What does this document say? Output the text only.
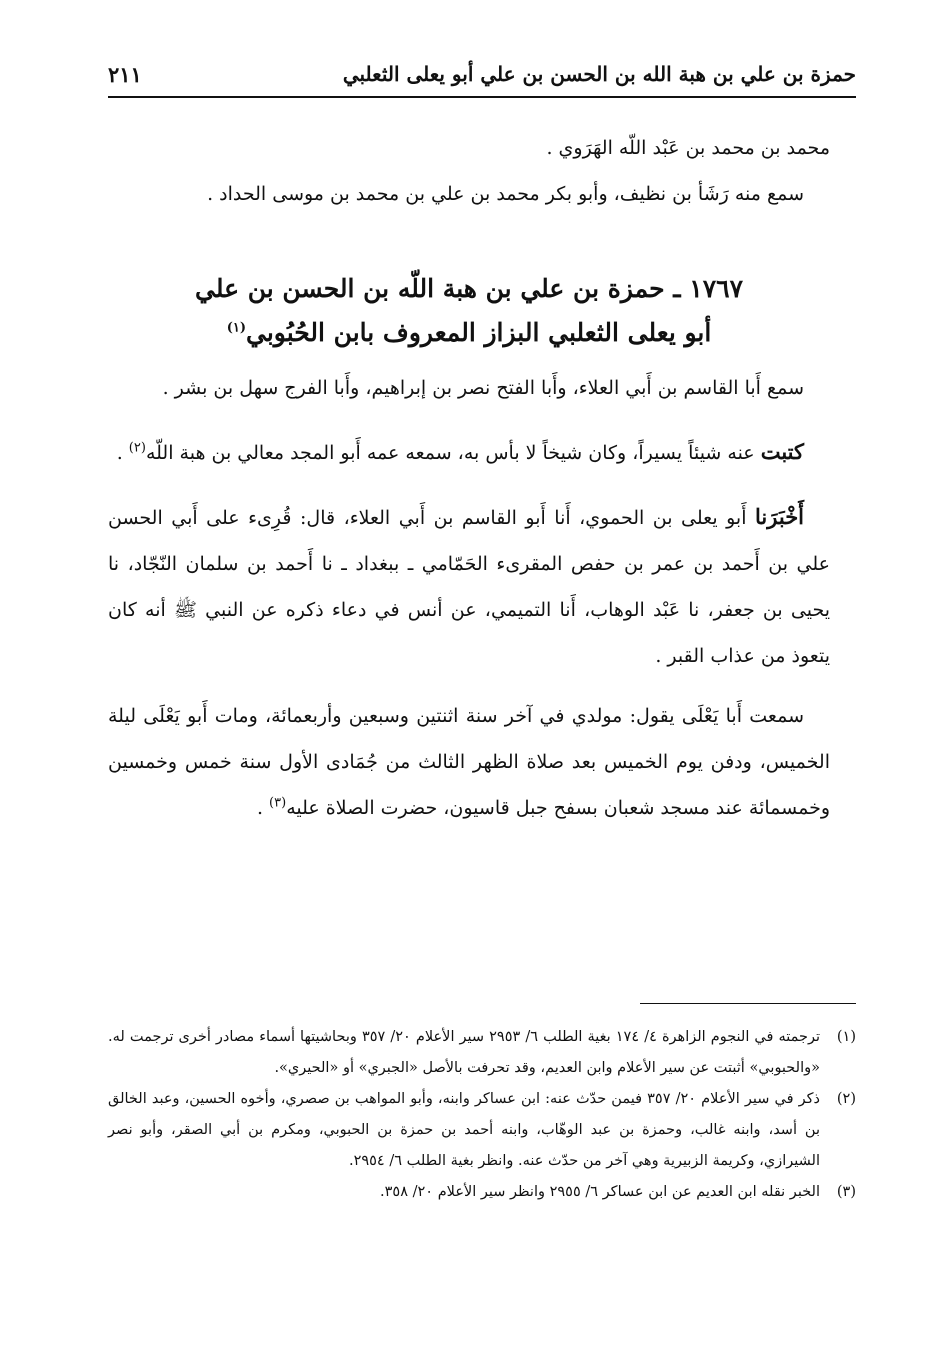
حمزة بن علي بن هبة الله بن الحسن بن علي أبو يعلى الثعلبي
٢١١

محمد بن محمد بن عَبْد اللّه الهَرَوي .

سمع منه رَشَأ بن نظيف، وأبو بكر محمد بن علي بن محمد بن موسى الحداد .

١٧٦٧ ـ حمزة بن علي بن هبة اللّه بن الحسن بن علي
أبو يعلى الثعلبي البزاز المعروف بابن الحُبُوبي$^{(١)}$

سمع أَبا القاسم بن أَبي العلاء، وأَبا الفتح نصر بن إبراهيم، وأَبا الفرج سهل بن بشر .

كتبت عنه شيئاً يسيراً، وكان شيخاً لا بأس به، سمعه عمه أَبو المجد معالي بن هبة اللّه$^{(٢)}$ .

أَخْبَرَنا أَبو يعلى بن الحموي، أَنا أَبو القاسم بن أَبي العلاء، قال: قُرِىء على أَبي الحسن علي بن أَحمد بن عمر بن حفص المقرىء الحَمّامي ـ ببغداد ـ نا أَحمد بن سلمان النّجّاد، نا يحيى بن جعفر، نا عَبْد الوهاب، أَنا التميمي، عن أنس في دعاء ذكره عن النبي ﷺ أنه كان يتعوذ من عذاب القبر .

سمعت أَبا يَعْلَى يقول: مولدي في آخر سنة اثنتين وسبعين وأربعمائة، ومات أَبو يَعْلَى ليلة الخميس، ودفن يوم الخميس بعد صلاة الظهر الثالث من جُمَادى الأول سنة خمس وخمسين وخمسمائة عند مسجد شعبان بسفح جبل قاسيون، حضرت الصلاة عليه$^{(٣)}$ .

(١)
ترجمته في النجوم الزاهرة ٤/ ١٧٤ بغية الطلب ٦/ ٢٩٥٣ سير الأعلام ٢٠/ ٣٥٧ وبحاشيتها أسماء مصادر أخرى ترجمت له. «والحبوبي» أثبتت عن سير الأعلام وابن العديم، وقد تحرفت بالأصل «الجبري» أو «الحيري».
(٢)
ذكر في سير الأعلام ٢٠/ ٣٥٧ فيمن حدّث عنه: ابن عساكر وابنه، وأبو المواهب بن صصري، وأخوه الحسين، وعبد الخالق بن أسد، وابنه غالب، وحمزة بن عبد الوهّاب، وابنه أحمد بن حمزة بن الحبوبي، ومكرم بن أبي الصقر، وأبو نصر الشيرازي، وكريمة الزبيرية وهي آخر من حدّث عنه. وانظر بغية الطلب ٦/ ٢٩٥٤.
(٣)
الخبر نقله ابن العديم عن ابن عساكر ٦/ ٢٩٥٥ وانظر سير الأعلام ٢٠/ ٣٥٨.
